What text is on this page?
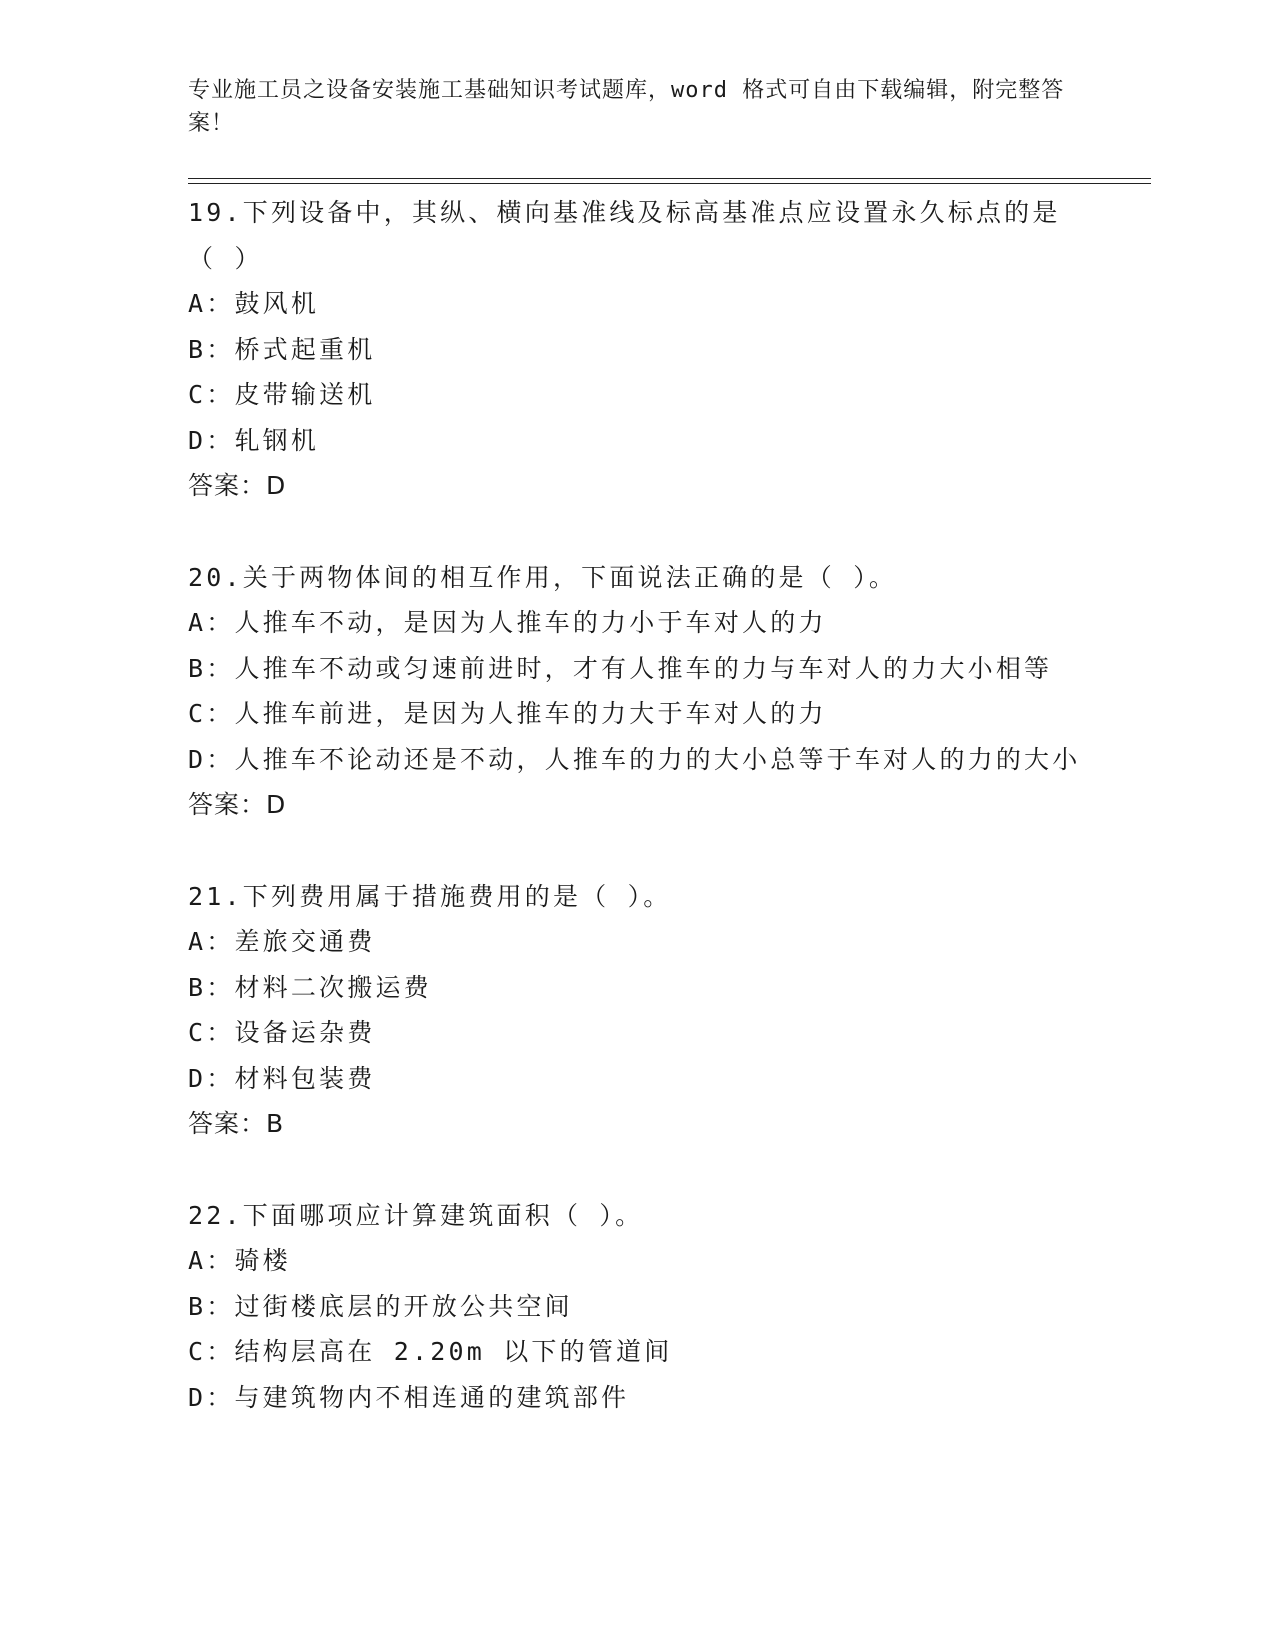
专业施工员之设备安装施工基础知识考试题库，word 格式可自由下载编辑，附完整答案！
19.下列设备中，其纵、横向基准线及标高基准点应设置永久标点的是（ ）
A：鼓风机
B：桥式起重机
C：皮带输送机
D：轧钢机
答案：D
20.关于两物体间的相互作用，下面说法正确的是（ ）。
A：人推车不动，是因为人推车的力小于车对人的力
B：人推车不动或匀速前进时，才有人推车的力与车对人的力大小相等
C：人推车前进，是因为人推车的力大于车对人的力
D：人推车不论动还是不动，人推车的力的大小总等于车对人的力的大小
答案：D
21.下列费用属于措施费用的是（ ）。
A：差旅交通费
B：材料二次搬运费
C：设备运杂费
D：材料包装费
答案：B
22.下面哪项应计算建筑面积（ ）。
A：骑楼
B：过街楼底层的开放公共空间
C：结构层高在 2.20m 以下的管道间
D：与建筑物内不相连通的建筑部件
